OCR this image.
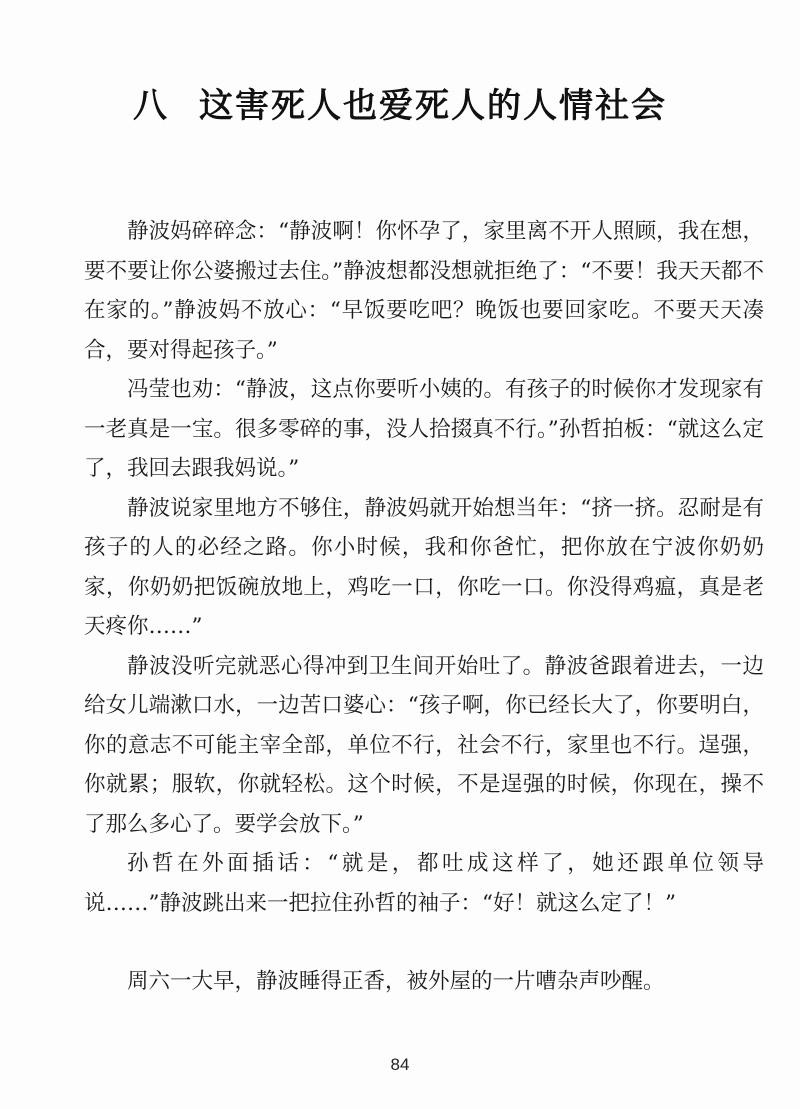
八 这害死人也爱死人的人情社会

静波妈碎碎念：“静波啊！你怀孕了，家里离不开人照顾，我在想，要不要让你公婆搬过去住。”静波想都没想就拒绝了：“不要！我天天都不在家的。”静波妈不放心：“早饭要吃吧？晚饭也要回家吃。不要天天凑合，要对得起孩子。”

冯莹也劝：“静波，这点你要听小姨的。有孩子的时候你才发现家有一老真是一宝。很多零碎的事，没人拾掇真不行。”孙哲拍板：“就这么定了，我回去跟我妈说。”

静波说家里地方不够住，静波妈就开始想当年：“挤一挤。忍耐是有孩子的人的必经之路。你小时候，我和你爸忙，把你放在宁波你奶奶家，你奶奶把饭碗放地上，鸡吃一口，你吃一口。你没得鸡瘟，真是老天疼你……”

静波没听完就恶心得冲到卫生间开始吐了。静波爸跟着进去，一边给女儿端漱口水，一边苦口婆心：“孩子啊，你已经长大了，你要明白，你的意志不可能主宰全部，单位不行，社会不行，家里也不行。逞强，你就累；服软，你就轻松。这个时候，不是逞强的时候，你现在，操不了那么多心了。要学会放下。”

孙哲在外面插话：“就是，都吐成这样了，她还跟单位领导说……”静波跳出来一把拉住孙哲的袖子：“好！就这么定了！”

周六一大早，静波睡得正香，被外屋的一片嘈杂声吵醒。

84
